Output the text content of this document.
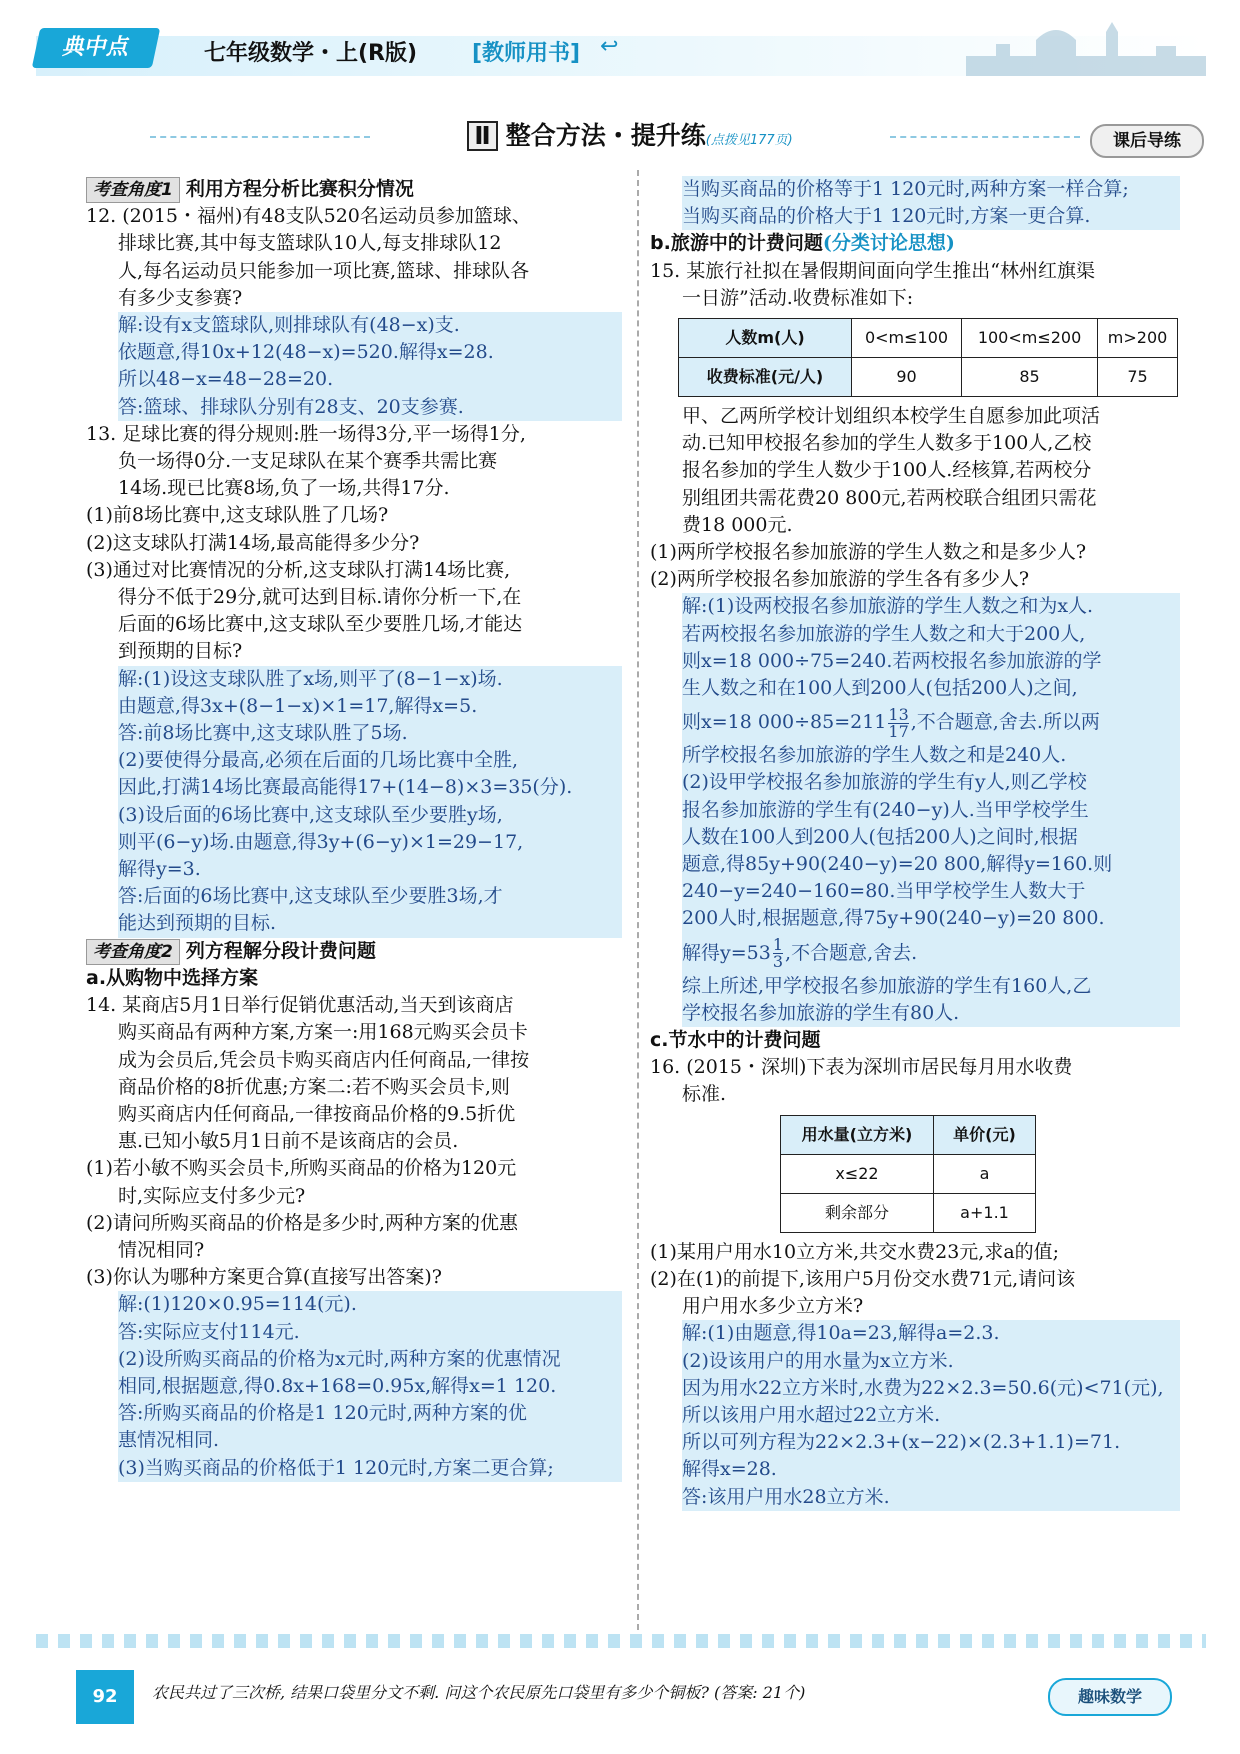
典中点	七年级数学・上(R版) [教师用书] ↩
Ⅱ 整合方法・提升练(点拨见177页)	课后导练

考查角度1 利用方程分析比赛积分情况

12. (2015・福州)有48支队520名运动员参加篮球、

排球比赛,其中每支篮球队10人,每支排球队12

人,每名运动员只能参加一项比赛,篮球、排球队各

有多少支参赛?

解:设有x支篮球队,则排球队有(48−x)支.

依题意,得10x+12(48−x)=520.解得x=28.

所以48−x=48−28=20.

答:篮球、排球队分别有28支、20支参赛.

13. 足球比赛的得分规则:胜一场得3分,平一场得1分,

负一场得0分.一支足球队在某个赛季共需比赛

14场.现已比赛8场,负了一场,共得17分.

(1)前8场比赛中,这支球队胜了几场?

(2)这支球队打满14场,最高能得多少分?

(3)通过对比赛情况的分析,这支球队打满14场比赛,

得分不低于29分,就可达到目标.请你分析一下,在

后面的6场比赛中,这支球队至少要胜几场,才能达

到预期的目标?

解:(1)设这支球队胜了x场,则平了(8−1−x)场.

由题意,得3x+(8−1−x)×1=17,解得x=5.

答:前8场比赛中,这支球队胜了5场.

(2)要使得分最高,必须在后面的几场比赛中全胜,

因此,打满14场比赛最高能得17+(14−8)×3=35(分).

(3)设后面的6场比赛中,这支球队至少要胜y场,

则平(6−y)场.由题意,得3y+(6−y)×1=29−17,

解得y=3.

答:后面的6场比赛中,这支球队至少要胜3场,才

能达到预期的目标.

考查角度2 列方程解分段计费问题

a.从购物中选择方案

14. 某商店5月1日举行促销优惠活动,当天到该商店

购买商品有两种方案,方案一:用168元购买会员卡

成为会员后,凭会员卡购买商店内任何商品,一律按

商品价格的8折优惠;方案二:若不购买会员卡,则

购买商店内任何商品,一律按商品价格的9.5折优

惠.已知小敏5月1日前不是该商店的会员.

(1)若小敏不购买会员卡,所购买商品的价格为120元

时,实际应支付多少元?

(2)请问所购买商品的价格是多少时,两种方案的优惠

情况相同?

(3)你认为哪种方案更合算(直接写出答案)?

解:(1)120×0.95=114(元).

答:实际应支付114元.

(2)设所购买商品的价格为x元时,两种方案的优惠情况

相同,根据题意,得0.8x+168=0.95x,解得x=1 120.

答:所购买商品的价格是1 120元时,两种方案的优

惠情况相同.

(3)当购买商品的价格低于1 120元时,方案二更合算;

当购买商品的价格等于1 120元时,两种方案一样合算;

当购买商品的价格大于1 120元时,方案一更合算.

b.旅游中的计费问题(分类讨论思想)

15. 某旅行社拟在暑假期间面向学生推出“林州红旗渠

一日游”活动.收费标准如下:

人数m(人)	0<m≤100	100<m≤200	m>200
收费标准(元/人)	90	85	75

甲、乙两所学校计划组织本校学生自愿参加此项活

动.已知甲校报名参加的学生人数多于100人,乙校

报名参加的学生人数少于100人.经核算,若两校分

别组团共需花费20 800元,若两校联合组团只需花

费18 000元.

(1)两所学校报名参加旅游的学生人数之和是多少人?

(2)两所学校报名参加旅游的学生各有多少人?

解:(1)设两校报名参加旅游的学生人数之和为x人.

若两校报名参加旅游的学生人数之和大于200人,

则x=18 000÷75=240.若两校报名参加旅游的学

生人数之和在100人到200人(包括200人)之间,

则x=18 $000\div 85=211 \frac{13}{17}$ ,不合题意,舍去.所以两

所学校报名参加旅游的学生人数之和是240人.

(2)设甲学校报名参加旅游的学生有y人,则乙学校

报名参加旅游的学生有(240−y)人.当甲学校学生

人数在100人到200人(包括200人)之间时,根据

题意,得85y+90(240−y)=20 800,解得y=160.则

240−y=240−160=80.当甲学校学生人数大于

200人时,根据题意,得75y+90(240−y)=20 800.

解得$y=53 \frac{1}{3}$ ,不合题意,舍去.

综上所述,甲学校报名参加旅游的学生有160人,乙

学校报名参加旅游的学生有80人.

c.节水中的计费问题

16. (2015・深圳)下表为深圳市居民每月用水收费

标准.

用水量(立方米)	单价(元)
x≤22	a
剩余部分	a+1.1

(1)某用户用水10立方米,共交水费23元,求a的值;

(2)在(1)的前提下,该用户5月份交水费71元,请问该

用户用水多少立方米?

解:(1)由题意,得10a=23,解得a=2.3.

(2)设该用户的用水量为x立方米.

因为用水22立方米时,水费为22×2.3=50.6(元)<71(元),

所以该用户用水超过22立方米.

所以可列方程为22×2.3+(x−22)×(2.3+1.1)=71.

解得x=28.

答:该用户用水28立方米.

92	农民共过了三次桥, 结果口袋里分文不剩. 问这个农民原先口袋里有多少个铜板? (答案: 21个)	趣味数学
